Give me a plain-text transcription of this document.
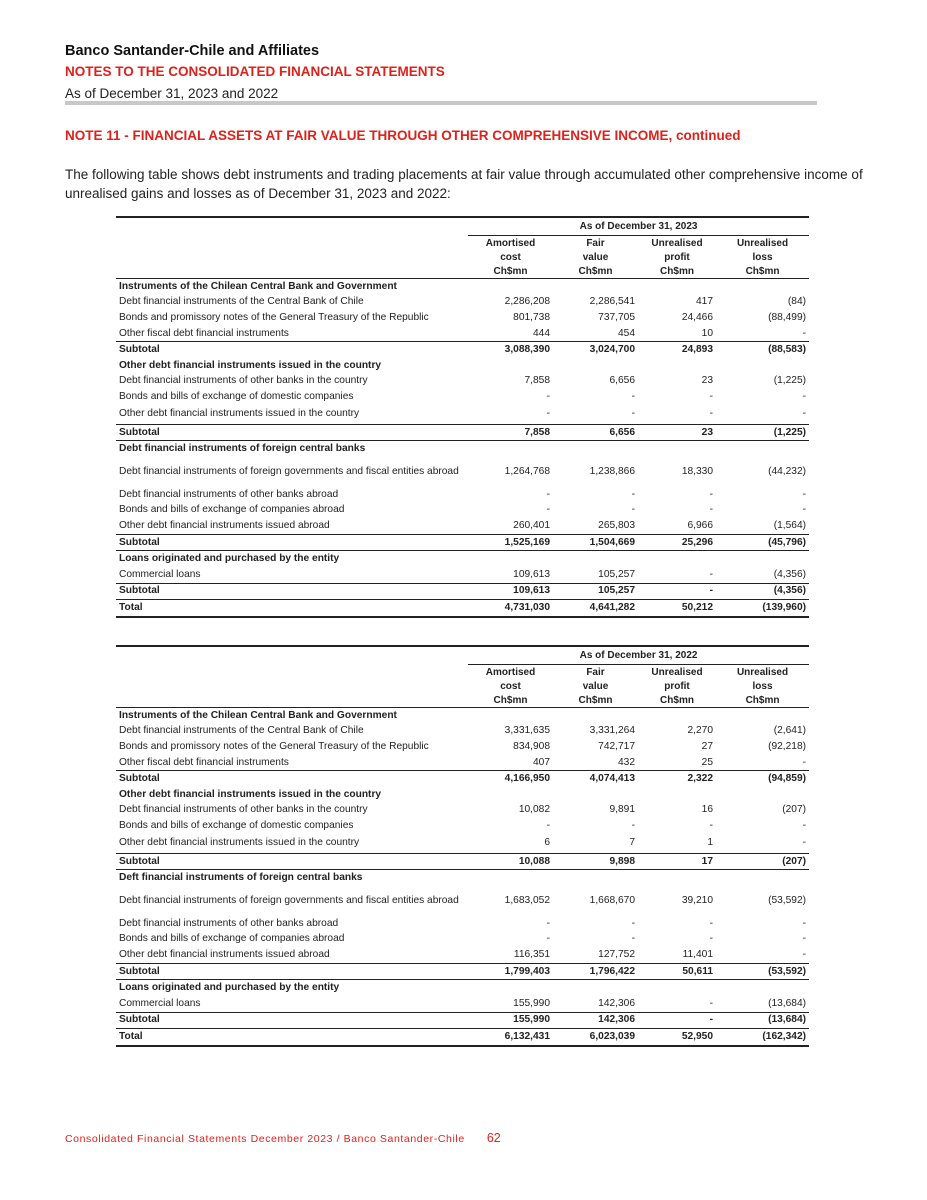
Banco Santander-Chile and Affiliates
NOTES TO THE CONSOLIDATED FINANCIAL STATEMENTS
As of December 31, 2023 and 2022
NOTE 11 - FINANCIAL ASSETS AT FAIR VALUE THROUGH OTHER COMPREHENSIVE INCOME, continued
The following table shows debt instruments and trading placements at fair value through accumulated other comprehensive income of unrealised gains and losses as of December 31, 2023 and 2022:
	As of December 31, 2023			
	Amortised	Fair	Unrealised	Unrealised
	cost	value	profit	loss
	Ch$mn	Ch$mn	Ch$mn	Ch$mn
Instruments of the Chilean Central Bank and Government				
Debt financial instruments of the Central Bank of Chile	2,286,208	2,286,541	417	(84)
Bonds and promissory notes of the General Treasury of the Republic	801,738	737,705	24,466	(88,499)
Other fiscal debt financial instruments	444	454	10	-
Subtotal	3,088,390	3,024,700	24,893	(88,583)
Other debt financial instruments issued in the country				
Debt financial instruments of other banks in the country	7,858	6,656	23	(1,225)
Bonds and bills of exchange of domestic companies	-	-	-	-
Other debt financial instruments issued in the country	-	-	-	-
Subtotal	7,858	6,656	23	(1,225)
Debt financial instruments of foreign central banks				
Debt financial instruments of foreign governments and fiscal entities abroad	1,264,768	1,238,866	18,330	(44,232)
Debt financial instruments of other banks abroad	-	-	-	-
Bonds and bills of exchange of companies abroad	-	-	-	-
Other debt financial instruments issued abroad	260,401	265,803	6,966	(1,564)
Subtotal	1,525,169	1,504,669	25,296	(45,796)
Loans originated and purchased by the entity				
Commercial loans	109,613	105,257	-	(4,356)
Subtotal	109,613	105,257	-	(4,356)
Total	4,731,030	4,641,282	50,212	(139,960)
	As of December 31, 2022			
	Amortised	Fair	Unrealised	Unrealised
	cost	value	profit	loss
	Ch$mn	Ch$mn	Ch$mn	Ch$mn
Instruments of the Chilean Central Bank and Government				
Debt financial instruments of the Central Bank of Chile	3,331,635	3,331,264	2,270	(2,641)
Bonds and promissory notes of the General Treasury of the Republic	834,908	742,717	27	(92,218)
Other fiscal debt financial instruments	407	432	25	-
Subtotal	4,166,950	4,074,413	2,322	(94,859)
Other debt financial instruments issued in the country				
Debt financial instruments of other banks in the country	10,082	9,891	16	(207)
Bonds and bills of exchange of domestic companies	-	-	-	-
Other debt financial instruments issued in the country	6	7	1	-
Subtotal	10,088	9,898	17	(207)
Deft financial instruments of foreign central banks				
Debt financial instruments of foreign governments and fiscal entities abroad	1,683,052	1,668,670	39,210	(53,592)
Debt financial instruments of other banks abroad	-	-	-	-
Bonds and bills of exchange of companies abroad	-	-	-	-
Other debt financial instruments issued abroad	116,351	127,752	11,401	-
Subtotal	1,799,403	1,796,422	50,611	(53,592)
Loans originated and purchased by the entity				
Commercial loans	155,990	142,306	-	(13,684)
Subtotal	155,990	142,306	-	(13,684)
Total	6,132,431	6,023,039	52,950	(162,342)
Consolidated Financial Statements December 2023 / Banco Santander-Chile 62
